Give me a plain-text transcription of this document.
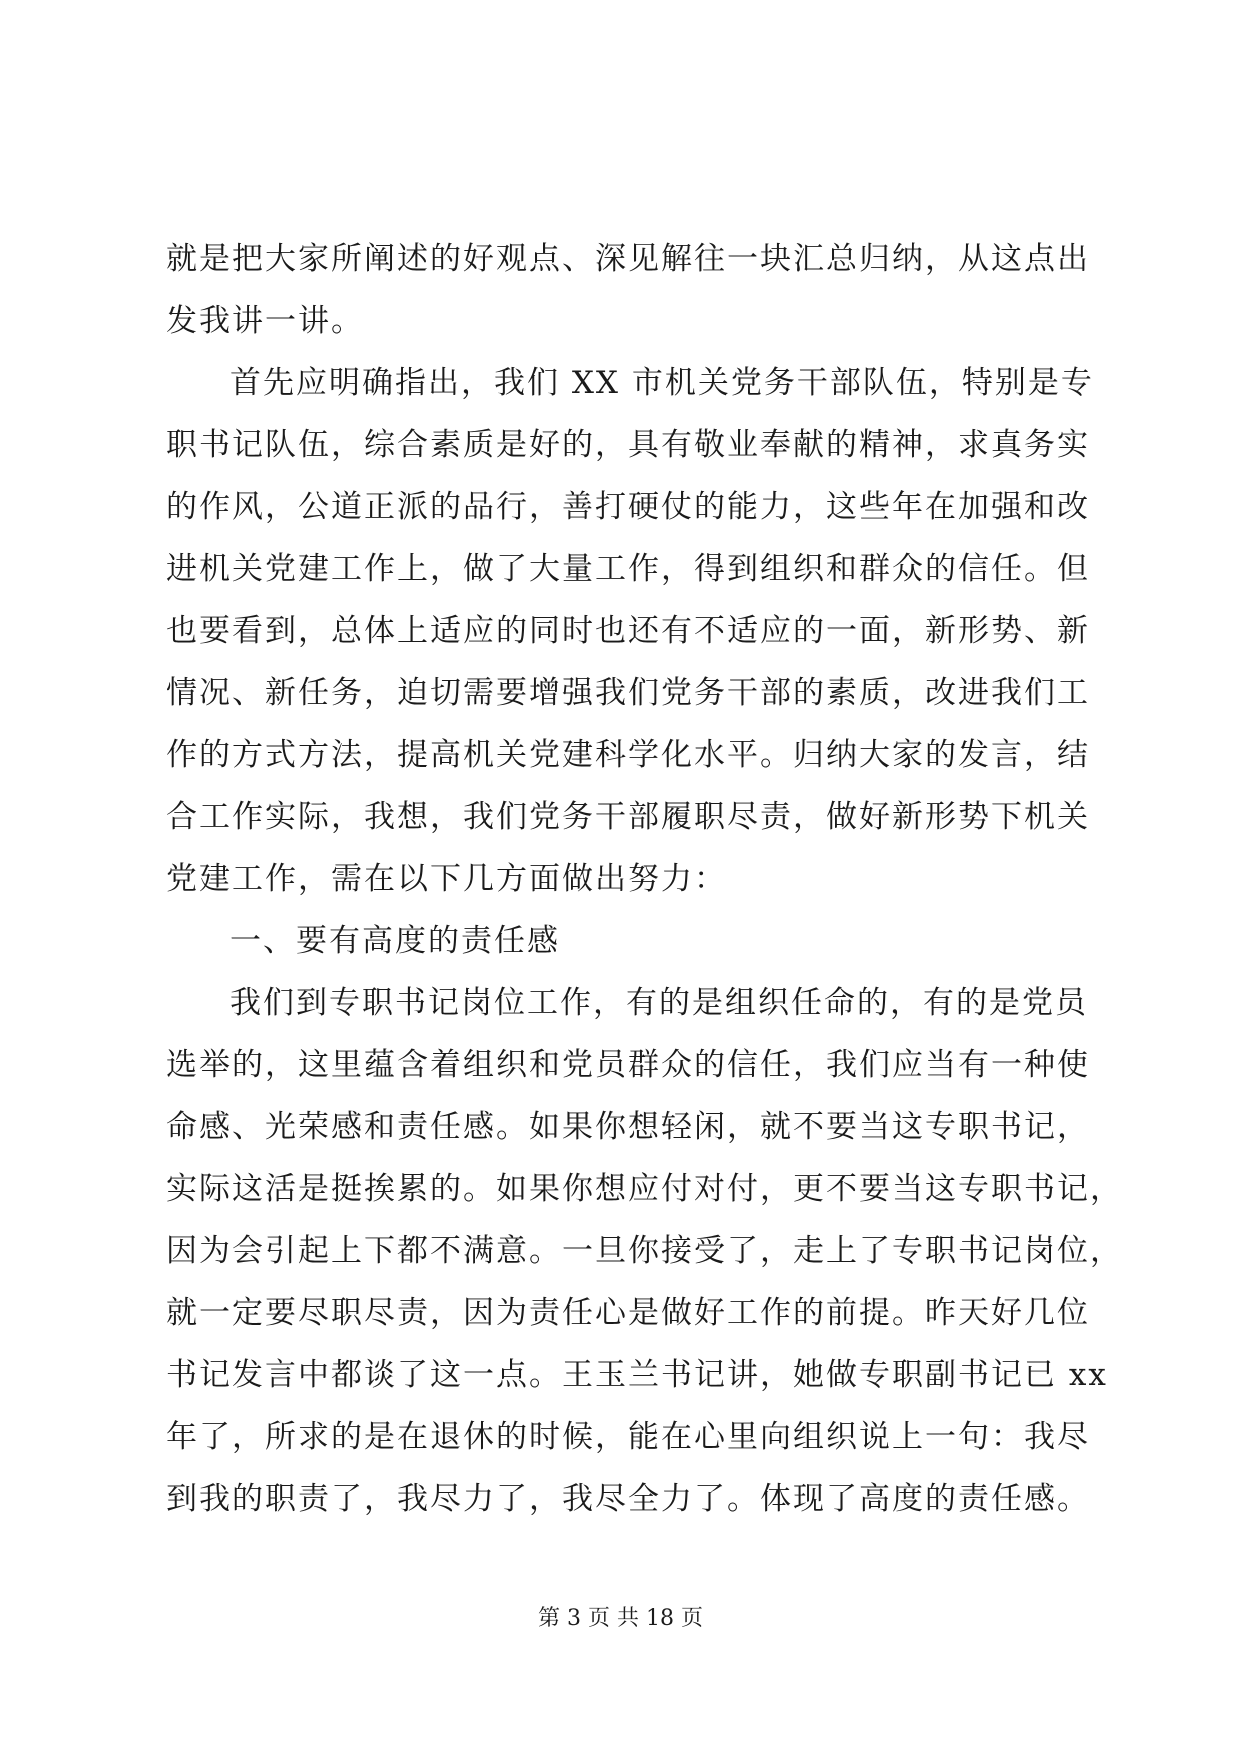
就是把大家所阐述的好观点、深见解往一块汇总归纳，从这点出
发我讲一讲。
首先应明确指出，我们 XX 市机关党务干部队伍，特别是专
职书记队伍，综合素质是好的，具有敬业奉献的精神，求真务实
的作风，公道正派的品行，善打硬仗的能力，这些年在加强和改
进机关党建工作上，做了大量工作，得到组织和群众的信任。但
也要看到，总体上适应的同时也还有不适应的一面，新形势、新
情况、新任务，迫切需要增强我们党务干部的素质，改进我们工
作的方式方法，提高机关党建科学化水平。归纳大家的发言，结
合工作实际，我想，我们党务干部履职尽责，做好新形势下机关
党建工作，需在以下几方面做出努力：
一、要有高度的责任感
我们到专职书记岗位工作，有的是组织任命的，有的是党员
选举的，这里蕴含着组织和党员群众的信任，我们应当有一种使
命感、光荣感和责任感。如果你想轻闲，就不要当这专职书记，
实际这活是挺挨累的。如果你想应付对付，更不要当这专职书记，
因为会引起上下都不满意。一旦你接受了，走上了专职书记岗位，
就一定要尽职尽责，因为责任心是做好工作的前提。昨天好几位
书记发言中都谈了这一点。王玉兰书记讲，她做专职副书记已 xx
年了，所求的是在退休的时候，能在心里向组织说上一句：我尽
到我的职责了，我尽力了，我尽全力了。体现了高度的责任感。
第 3 页 共 18 页
